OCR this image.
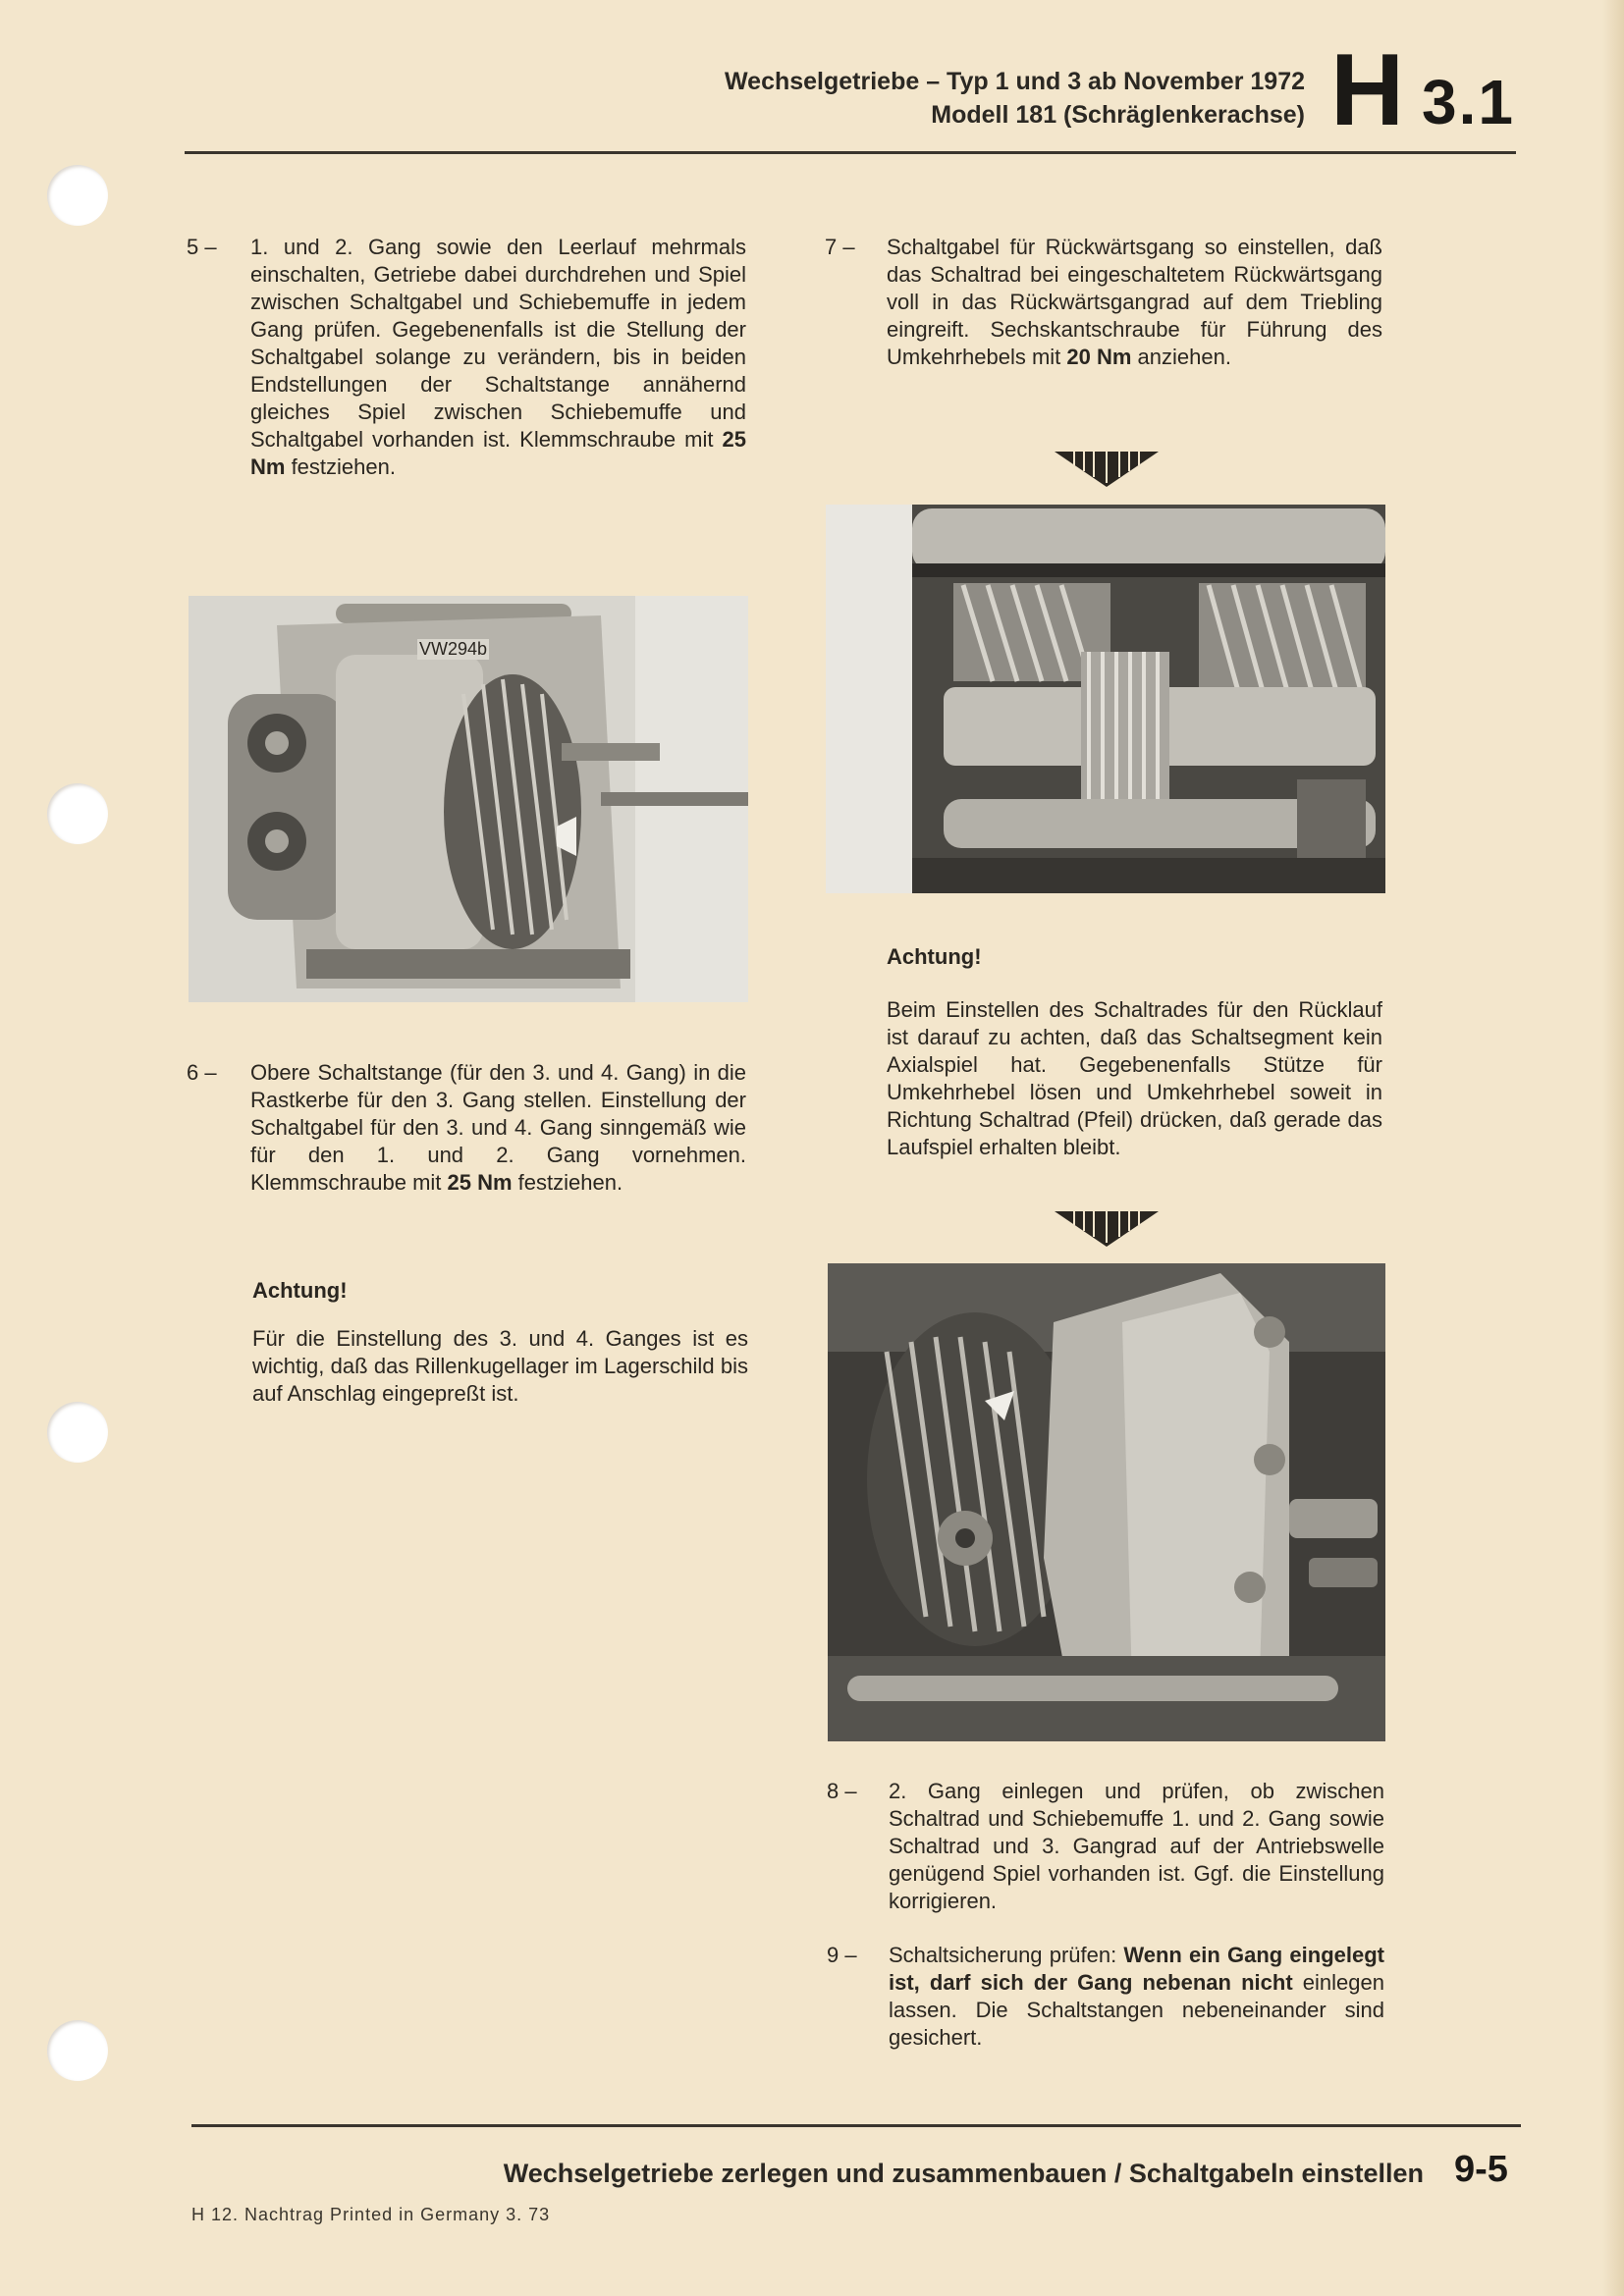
Wechselgetriebe – Typ 1 und 3 ab November 1972
Modell 181 (Schräglenkerachse) H 3.1
5 – 1. und 2. Gang sowie den Leerlauf mehrmals einschalten, Getriebe dabei durchdrehen und Spiel zwischen Schaltgabel und Schiebemuffe in jedem Gang prüfen. Gegebenenfalls ist die Stellung der Schaltgabel solange zu verändern, bis in beiden Endstellungen der Schaltstange annähernd gleiches Spiel zwischen Schiebemuffe und Schaltgabel vorhanden ist. Klemmschraube mit 25 Nm festziehen.

7 – Schaltgabel für Rückwärtsgang so einstellen, daß das Schaltrad bei eingeschaltetem Rückwärtsgang voll in das Rückwärtsgangrad auf dem Triebling eingreift. Sechskantschraube für Führung des Umkehrhebels mit 20 Nm anziehen.

VW294b
Achtung!

Beim Einstellen des Schaltrades für den Rücklauf ist darauf zu achten, daß das Schaltsegment kein Axialspiel hat. Gegebenenfalls Stütze für Umkehrhebel lösen und Umkehrhebel soweit in Richtung Schaltrad (Pfeil) drücken, daß gerade das Laufspiel erhalten bleibt.

6 – Obere Schaltstange (für den 3. und 4. Gang) in die Rastkerbe für den 3. Gang stellen. Einstellung der Schaltgabel für den 3. und 4. Gang sinngemäß wie für den 1. und 2. Gang vornehmen. Klemmschraube mit 25 Nm festziehen.

Achtung!

Für die Einstellung des 3. und 4. Ganges ist es wichtig, daß das Rillenkugellager im Lagerschild bis auf Anschlag eingepreßt ist.

8 – 2. Gang einlegen und prüfen, ob zwischen Schaltrad und Schiebemuffe 1. und 2. Gang sowie Schaltrad und 3. Gangrad auf der Antriebswelle genügend Spiel vorhanden ist. Ggf. die Einstellung korrigieren.

9 – Schaltsicherung prüfen: Wenn ein Gang eingelegt ist, darf sich der Gang nebenan nicht einlegen lassen. Die Schaltstangen nebeneinander sind gesichert.

Wechselgetriebe zerlegen und zusammenbauen / Schaltgabeln einstellen 9-5
H 12. Nachtrag Printed in Germany 3. 73
